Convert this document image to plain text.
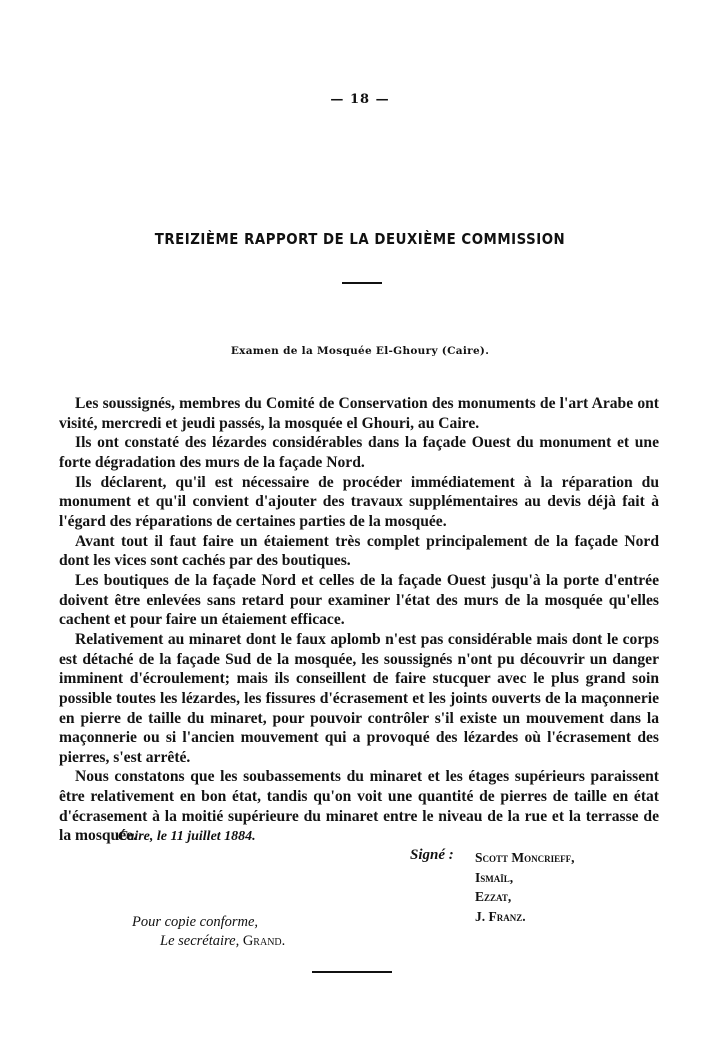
— 18 —
TREIZIÈME RAPPORT DE LA DEUXIÈME COMMISSION
Examen de la Mosquée El-Ghoury (Caire).

Les soussignés, membres du Comité de Conservation des monuments de l'art Arabe ont visité, mercredi et jeudi passés, la mosquée el Ghouri, au Caire.

Ils ont constaté des lézardes considérables dans la façade Ouest du monument et une forte dégradation des murs de la façade Nord.

Ils déclarent, qu'il est nécessaire de procéder immédiatement à la réparation du monument et qu'il convient d'ajouter des travaux supplémentaires au devis déjà fait à l'égard des réparations de certaines parties de la mosquée.

Avant tout il faut faire un étaiement très complet principalement de la façade Nord dont les vices sont cachés par des boutiques.

Les boutiques de la façade Nord et celles de la façade Ouest jusqu'à la porte d'entrée doivent être enlevées sans retard pour examiner l'état des murs de la mosquée qu'elles cachent et pour faire un étaiement efficace.

Relativement au minaret dont le faux aplomb n'est pas considérable mais dont le corps est détaché de la façade Sud de la mosquée, les soussignés n'ont pu découvrir un danger imminent d'écroulement; mais ils conseillent de faire stucquer avec le plus grand soin possible toutes les lézardes, les fissures d'écrasement et les joints ouverts de la maçonnerie en pierre de taille du minaret, pour pouvoir contrôler s'il existe un mouvement dans la maçonnerie ou si l'ancien mouvement qui a provoqué des lézardes où l'écrasement des pierres, s'est arrêté.

Nous constatons que les soubassements du minaret et les étages supérieurs paraissent être relativement en bon état, tandis qu'on voit une quantité de pierres de taille en état d'écrasement à la moitié supérieure du minaret entre le niveau de la rue et la terrasse de la mosquée.

Caire, le 11 juillet 1884.
Signé : Scott Moncrieff,
Ismaïl,
Ezzat,
J. Franz.
Pour copie conforme,
Le secrétaire, Grand.
